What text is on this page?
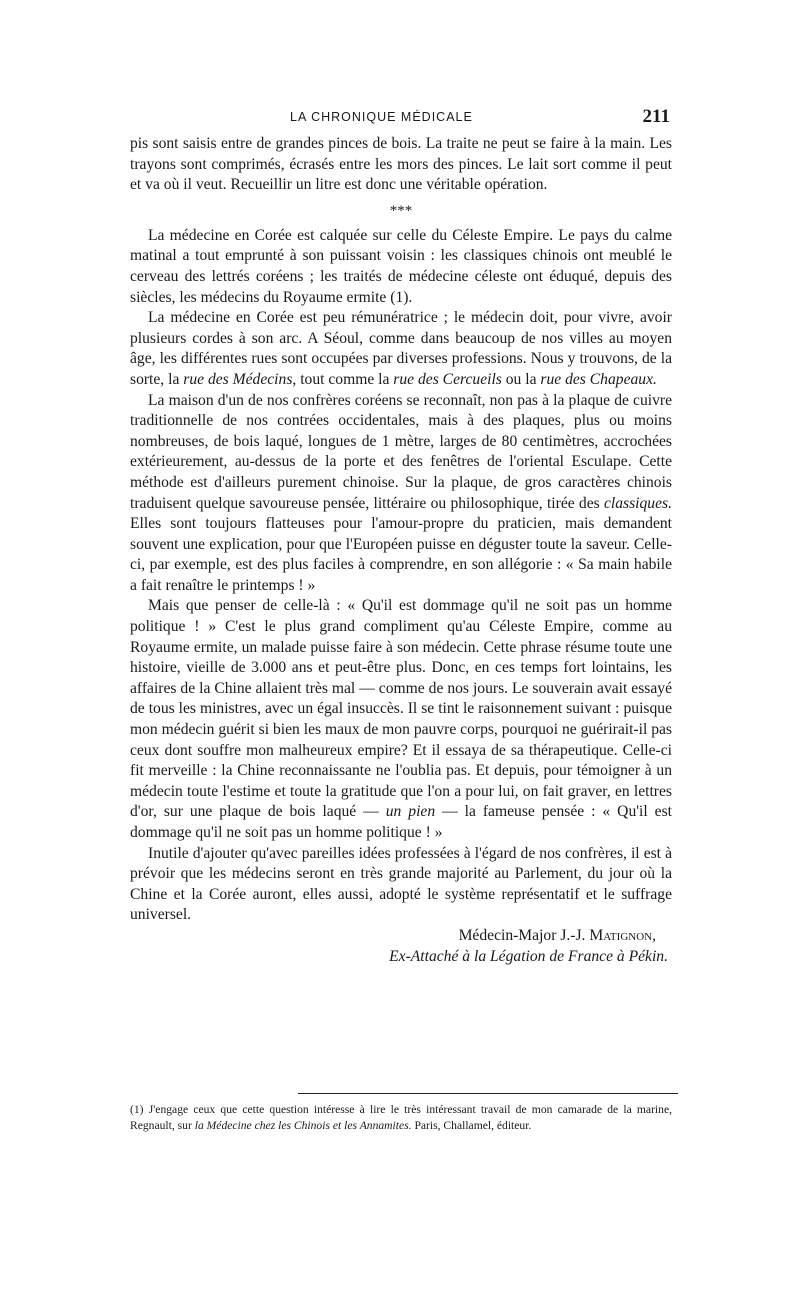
LA CHRONIQUE MÉDICALE	211

pis sont saisis entre de grandes pinces de bois. La traite ne peut se faire à la main. Les trayons sont comprimés, écrasés entre les mors des pinces. Le lait sort comme il peut et va où il veut. Recueillir un litre est donc une véritable opération.

***

La médecine en Corée est calquée sur celle du Céleste Empire. Le pays du calme matinal a tout emprunté à son puissant voisin : les classiques chinois ont meublé le cerveau des lettrés coréens ; les traités de médecine céleste ont éduqué, depuis des siècles, les médecins du Royaume ermite (1).

La médecine en Corée est peu rémunératrice ; le médecin doit, pour vivre, avoir plusieurs cordes à son arc. A Séoul, comme dans beaucoup de nos villes au moyen âge, les différentes rues sont occupées par diverses professions. Nous y trouvons, de la sorte, la rue des Médecins, tout comme la rue des Cercueils ou la rue des Chapeaux.

La maison d'un de nos confrères coréens se reconnaît, non pas à la plaque de cuivre traditionnelle de nos contrées occidentales, mais à des plaques, plus ou moins nombreuses, de bois laqué, longues de 1 mètre, larges de 80 centimètres, accrochées extérieurement, au-dessus de la porte et des fenêtres de l'oriental Esculape. Cette méthode est d'ailleurs purement chinoise. Sur la plaque, de gros caractères chinois traduisent quelque savoureuse pensée, littéraire ou philosophique, tirée des classiques. Elles sont toujours flatteuses pour l'amour-propre du praticien, mais demandent souvent une explication, pour que l'Européen puisse en déguster toute la saveur. Celle-ci, par exemple, est des plus faciles à comprendre, en son allégorie : « Sa main habile a fait renaître le printemps ! »

Mais que penser de celle-là : « Qu'il est dommage qu'il ne soit pas un homme politique ! » C'est le plus grand compliment qu'au Céleste Empire, comme au Royaume ermite, un malade puisse faire à son médecin. Cette phrase résume toute une histoire, vieille de 3.000 ans et peut-être plus. Donc, en ces temps fort lointains, les affaires de la Chine allaient très mal — comme de nos jours. Le souverain avait essayé de tous les ministres, avec un égal insuccès. Il se tint le raisonnement suivant : puisque mon médecin guérit si bien les maux de mon pauvre corps, pourquoi ne guérirait-il pas ceux dont souffre mon malheureux empire? Et il essaya de sa thérapeutique. Celle-ci fit merveille : la Chine reconnaissante ne l'oublia pas. Et depuis, pour témoigner à un médecin toute l'estime et toute la gratitude que l'on a pour lui, on fait graver, en lettres d'or, sur une plaque de bois laqué — un pien — la fameuse pensée : « Qu'il est dommage qu'il ne soit pas un homme politique ! »

Inutile d'ajouter qu'avec pareilles idées professées à l'égard de nos confrères, il est à prévoir que les médecins seront en très grande majorité au Parlement, du jour où la Chine et la Corée auront, elles aussi, adopté le système représentatif et le suffrage universel.

Médecin-Major J.-J. Matignon,

Ex-Attaché à la Légation de France à Pékin.

(1) J'engage ceux que cette question intéresse à lire le très intéressant travail de mon camarade de la marine, Regnault, sur la Médecine chez les Chinois et les Annamites. Paris, Challamel, éditeur.
